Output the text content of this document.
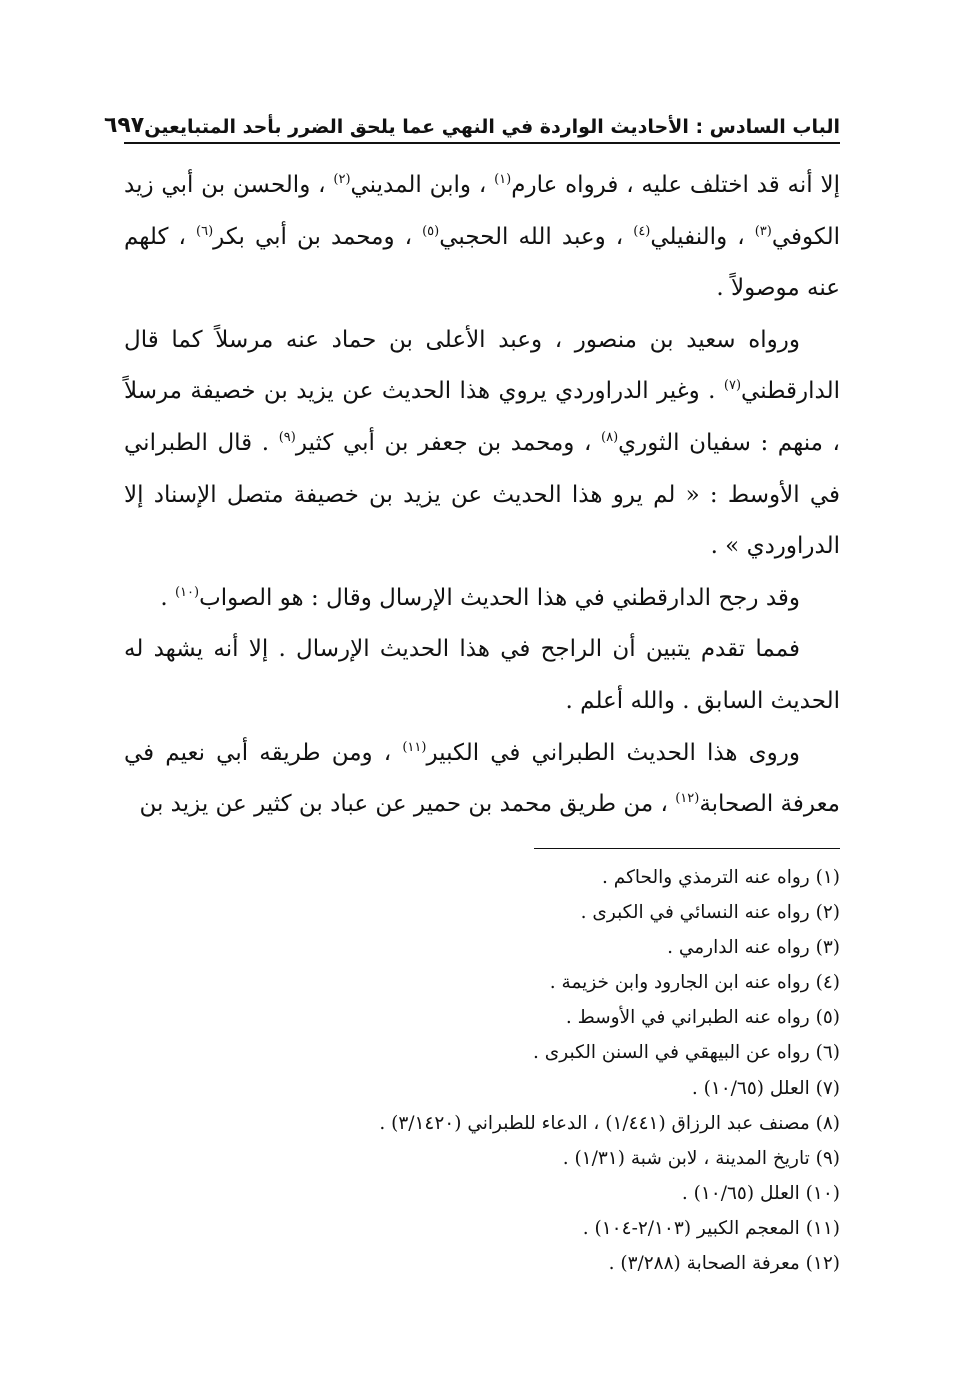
الباب السادس : الأحاديث الواردة في النهي عما يلحق الضرر بأحد المتبايعين
٦٩٧

إلا أنه قد اختلف عليه ، فرواه عارم$^{(١)}$ ، وابن المديني$^{(٢)}$ ، والحسن بن أبي زيد الكوفي$^{(٣)}$ ، والنفيلي$^{(٤)}$ ، وعبد الله الحجبي$^{(٥)}$ ، ومحمد بن أبي بكر$^{(٦)}$ ، كلهم عنه موصولاً .

ورواه سعيد بن منصور ، وعبد الأعلى بن حماد عنه مرسلاً كما قال الدارقطني$^{(٧)}$ . وغير الدراوردي يروي هذا الحديث عن يزيد بن خصيفة مرسلاً ، منهم : سفيان الثوري$^{(٨)}$ ، ومحمد بن جعفر بن أبي كثير$^{(٩)}$ . قال الطبراني في الأوسط : « لم يرو هذا الحديث عن يزيد بن خصيفة متصل الإسناد إلا الدراوردي » .

وقد رجح الدارقطني في هذا الحديث الإرسال وقال : هو الصواب$^{(١٠)}$ .

فمما تقدم يتبين أن الراجح في هذا الحديث الإرسال . إلا أنه يشهد له الحديث السابق . والله أعلم .

وروى هذا الحديث الطبراني في الكبير$^{(١١)}$ ، ومن طريقه أبي نعيم في معرفة الصحابة$^{(١٢)}$ ، من طريق محمد بن حمير عن عباد بن كثير عن يزيد بن

(١) رواه عنه الترمذي والحاكم .
(٢) رواه عنه النسائي في الكبرى .
(٣) رواه عنه الدارمي .
(٤) رواه عنه ابن الجارود وابن خزيمة .
(٥) رواه عنه الطبراني في الأوسط .
(٦) رواه عن البيهقي في السنن الكبرى .
(٧) العلل (١٠/٦٥) .
(٨) مصنف عبد الرزاق (١/٤٤١) ، الدعاء للطبراني (٣/١٤٢٠) .
(٩) تاريخ المدينة ، لابن شبة (١/٣١) .
(١٠) العلل (١٠/٦٥) .
(١١) المعجم الكبير (٢/١٠٣-١٠٤) .
(١٢) معرفة الصحابة (٣/٢٨٨) .
